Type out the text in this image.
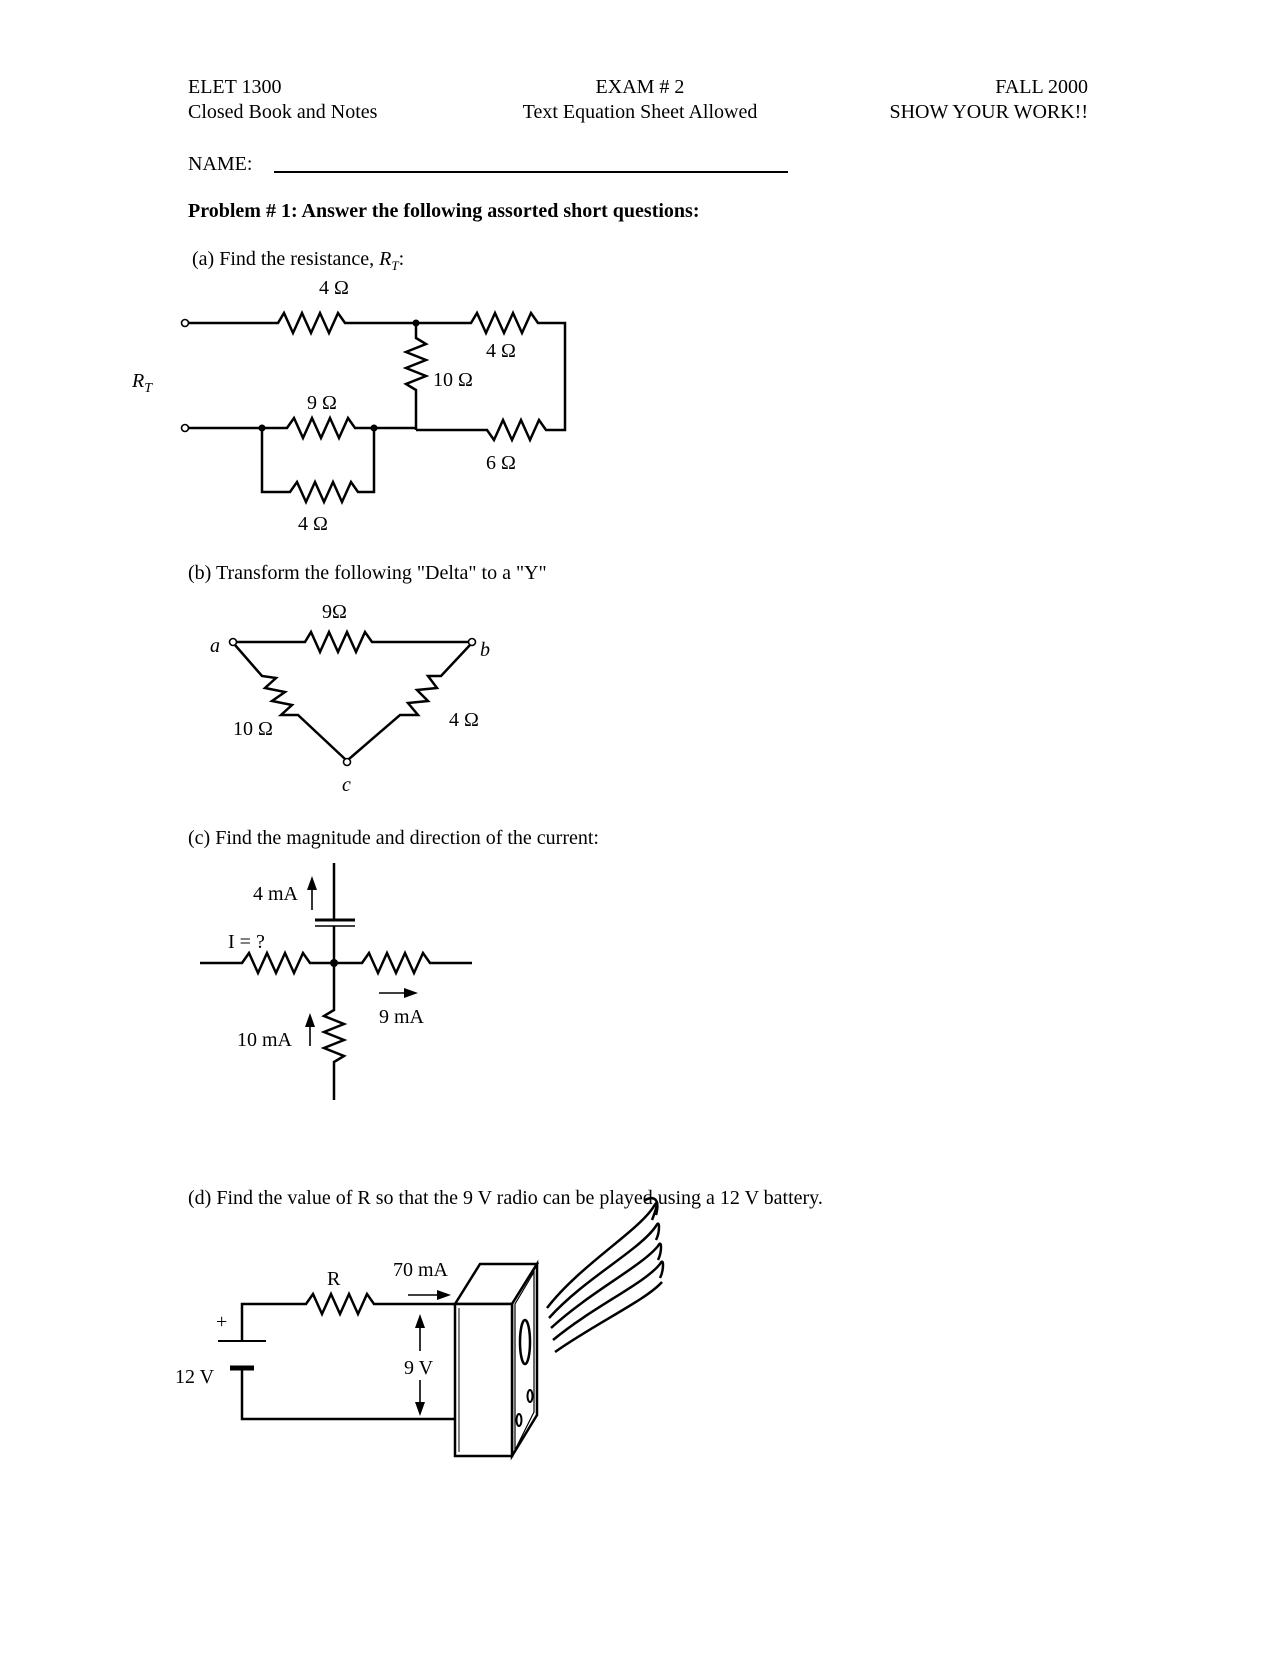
ELET 1300
Closed Book and Notes
EXAM # 2
Text Equation Sheet Allowed
FALL 2000
SHOW YOUR WORK!!
NAME:
Problem # 1: Answer the following assorted short questions:
(a) Find the resistance, $R_T$:
(b) Transform the following "Delta" to a "Y"
(c) Find the magnitude and direction of the current:
(d) Find the value of R so that the 9 V radio can be played using a 12 V battery.
4 Ω
9 Ω
4 Ω
10 Ω
4 Ω
6 Ω
$R_T$
9Ω
10 Ω	4 Ω
a	b
c
4 mA
I = ?
9 mA
10 mA
+
12 V
R	70 mA
9 V
